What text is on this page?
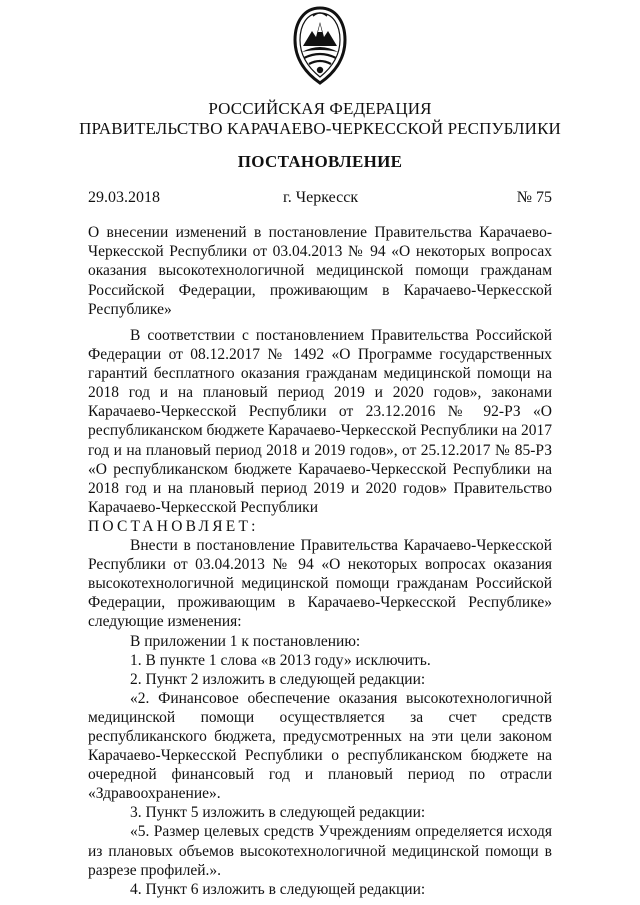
РОССИЙСКАЯ ФЕДЕРАЦИЯ

ПРАВИТЕЛЬСТВО КАРАЧАЕВО-ЧЕРКЕССКОЙ РЕСПУБЛИКИ

ПОСТАНОВЛЕНИЕ

29.03.2018	г. Черкесск	№ 75

О внесении изменений в постановление Правительства Карачаево-Черкесской Республики от 03.04.2013 № 94 «О некоторых вопросах оказания высокотехнологичной медицинской помощи гражданам Российской Федерации, проживающим в Карачаево-Черкесской Республике»

В соответствии с постановлением Правительства Российской Федерации от 08.12.2017 № 1492 «О Программе государственных гарантий бесплатного оказания гражданам медицинской помощи на 2018 год и на плановый период 2019 и 2020 годов», законами Карачаево-Черкесской Республики от 23.12.2016 № 92-РЗ «О республиканском бюджете Карачаево-Черкесской Республики на 2017 год и на плановый период 2018 и 2019 годов», от 25.12.2017 № 85-РЗ «О республиканском бюджете Карачаево-Черкесской Республики на 2018 год и на плановый период 2019 и 2020 годов» Правительство Карачаево-Черкесской Республики

ПОСТАНОВЛЯЕТ:

Внести в постановление Правительства Карачаево-Черкесской Республики от 03.04.2013 № 94 «О некоторых вопросах оказания высокотехнологичной медицинской помощи гражданам Российской Федерации, проживающим в Карачаево-Черкесской Республике» следующие изменения:

В приложении 1 к постановлению:

1. В пункте 1 слова «в 2013 году» исключить.

2. Пункт 2 изложить в следующей редакции:

«2. Финансовое обеспечение оказания высокотехнологичной медицинской помощи осуществляется за счет средств республиканского бюджета, предусмотренных на эти цели законом Карачаево-Черкесской Республики о республиканском бюджете на очередной финансовый год и плановый период по отрасли «Здравоохранение».

3. Пункт 5 изложить в следующей редакции:

«5. Размер целевых средств Учреждениям определяется исходя из плановых объемов высокотехнологичной медицинской помощи в разрезе профилей.».

4. Пункт 6 изложить в следующей редакции:
